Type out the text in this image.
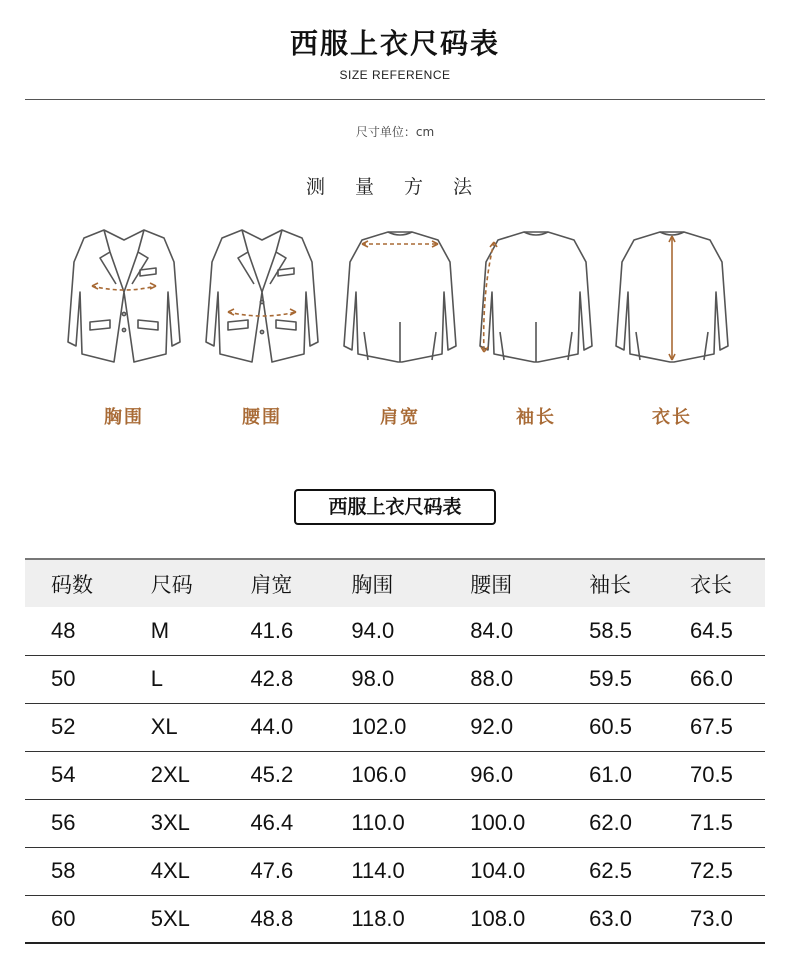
西服上衣尺码表
SIZE REFERENCE
尺寸单位：cm
测 量 方 法
胸围	腰围	肩宽	袖长	衣长
西服上衣尺码表
码数	尺码	肩宽	胸围	腰围	袖长	衣长
48	M	41.6	94.0	84.0	58.5	64.5
50	L	42.8	98.0	88.0	59.5	66.0
52	XL	44.0	102.0	92.0	60.5	67.5
54	2XL	45.2	106.0	96.0	61.0	70.5
56	3XL	46.4	110.0	100.0	62.0	71.5
58	4XL	47.6	114.0	104.0	62.5	72.5
60	5XL	48.8	118.0	108.0	63.0	73.0
